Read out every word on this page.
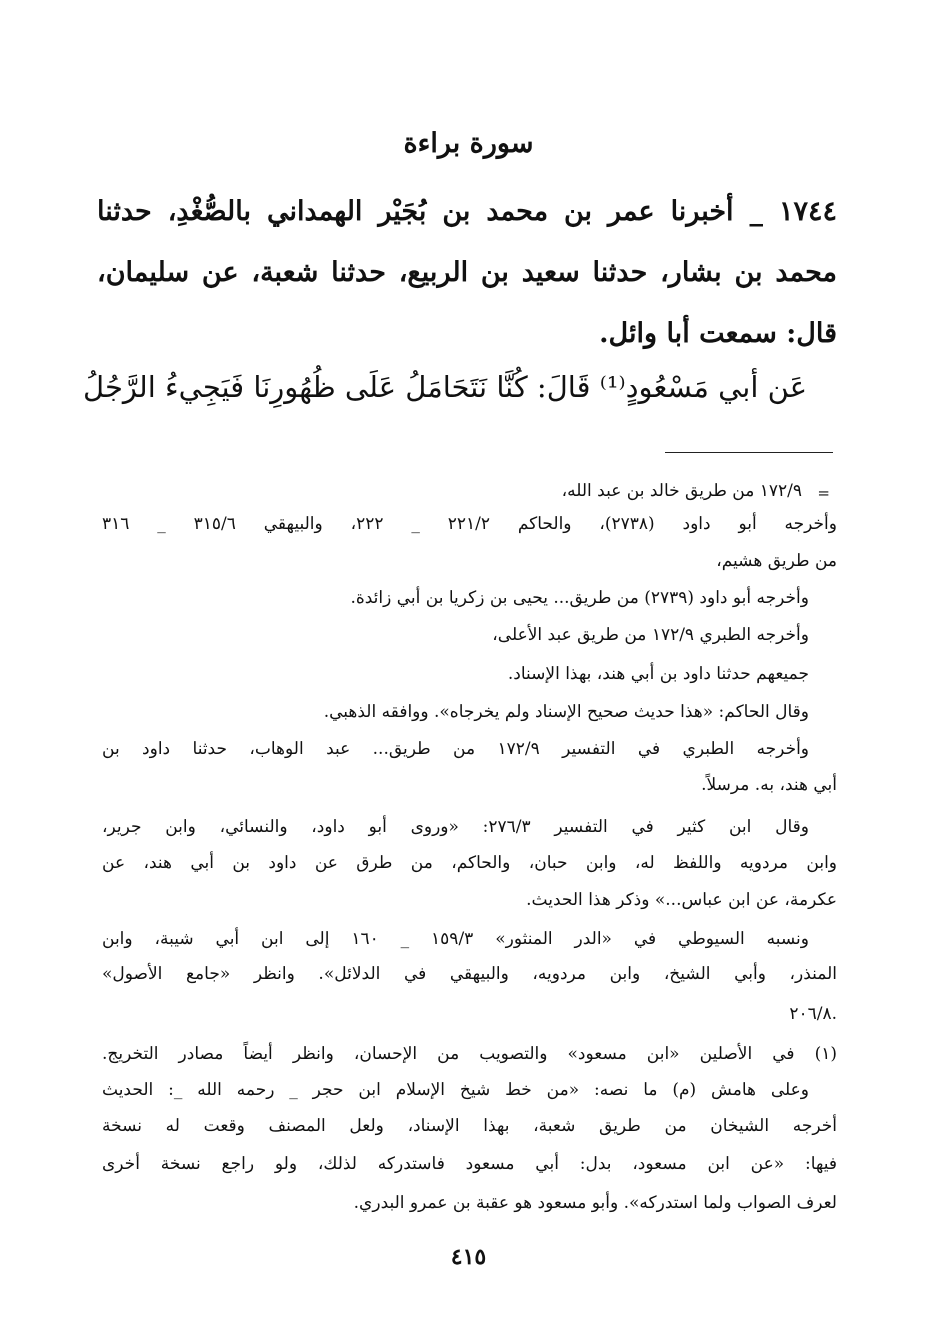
سورة براءة
١٧٤٤ _ أخبرنا عمر بن محمد بن بُجَيْر الهمداني بالصُّغْدِ، حدثنا
محمد بن بشار، حدثنا سعيد بن الربيع، حدثنا شعبة، عن سليمان،
قال: سمعت أبا وائل.
عَن أبي مَسْعُودٍ⁽¹⁾ قَالَ: كُنَّا نَتَحَامَلُ عَلَى ظُهُورِنَا فَيَجِيءُ الرَّجُلُ
=
١٧٢/٩ من طريق خالد بن عبد الله،
وأخرجه أبو داود (٢٧٣٨)، والحاكم ٢٢١/٢ _ ٢٢٢، والبيهقي ٣١٥/٦ _ ٣١٦
من طريق هشيم،
وأخرجه أبو داود (٢٧٣٩) من طريق... يحيى بن زكريا بن أبي زائدة.
وأخرجه الطبري ١٧٢/٩ من طريق عبد الأعلى،
جميعهم حدثنا داود بن أبي هند، بهذا الإسناد.
وقال الحاكم: «هذا حديث صحيح الإسناد ولم يخرجاه». ووافقه الذهبي.
وأخرجه الطبري في التفسير ١٧٢/٩ من طريق... عبد الوهاب، حدثنا داود بن
أبي هند، به. مرسلاً.
وقال ابن كثير في التفسير ٢٧٦/٣: «وروى أبو داود، والنسائي، وابن جرير،
وابن مردويه واللفظ له، وابن حبان، والحاكم، من طرق عن داود بن أبي هند، عن
عكرمة، عن ابن عباس...» وذكر هذا الحديث.
ونسبه السيوطي في «الدر المنثور» ١٥٩/٣ _ ١٦٠ إلى ابن أبي شيبة، وابن
المنذر، وأبي الشيخ، وابن مردويه، والبيهقي في الدلائل». وانظر «جامع الأصول»
.٢٠٦/٨
(١) في الأصلين «ابن مسعود» والتصويب من الإحسان، وانظر أيضاً مصادر التخريج.
وعلى هامش (م) ما نصه: «من خط شيخ الإسلام ابن حجر _ رحمه الله _: الحديث
أخرجه الشيخان من طريق شعبة، بهذا الإسناد، ولعل المصنف وقعت له نسخة
فيها: «عن ابن مسعود، بدل: أبي مسعود فاستدركه لذلك، ولو راجع نسخة أخرى
لعرف الصواب ولما استدركه». وأبو مسعود هو عقبة بن عمرو البدري.
٤١٥
